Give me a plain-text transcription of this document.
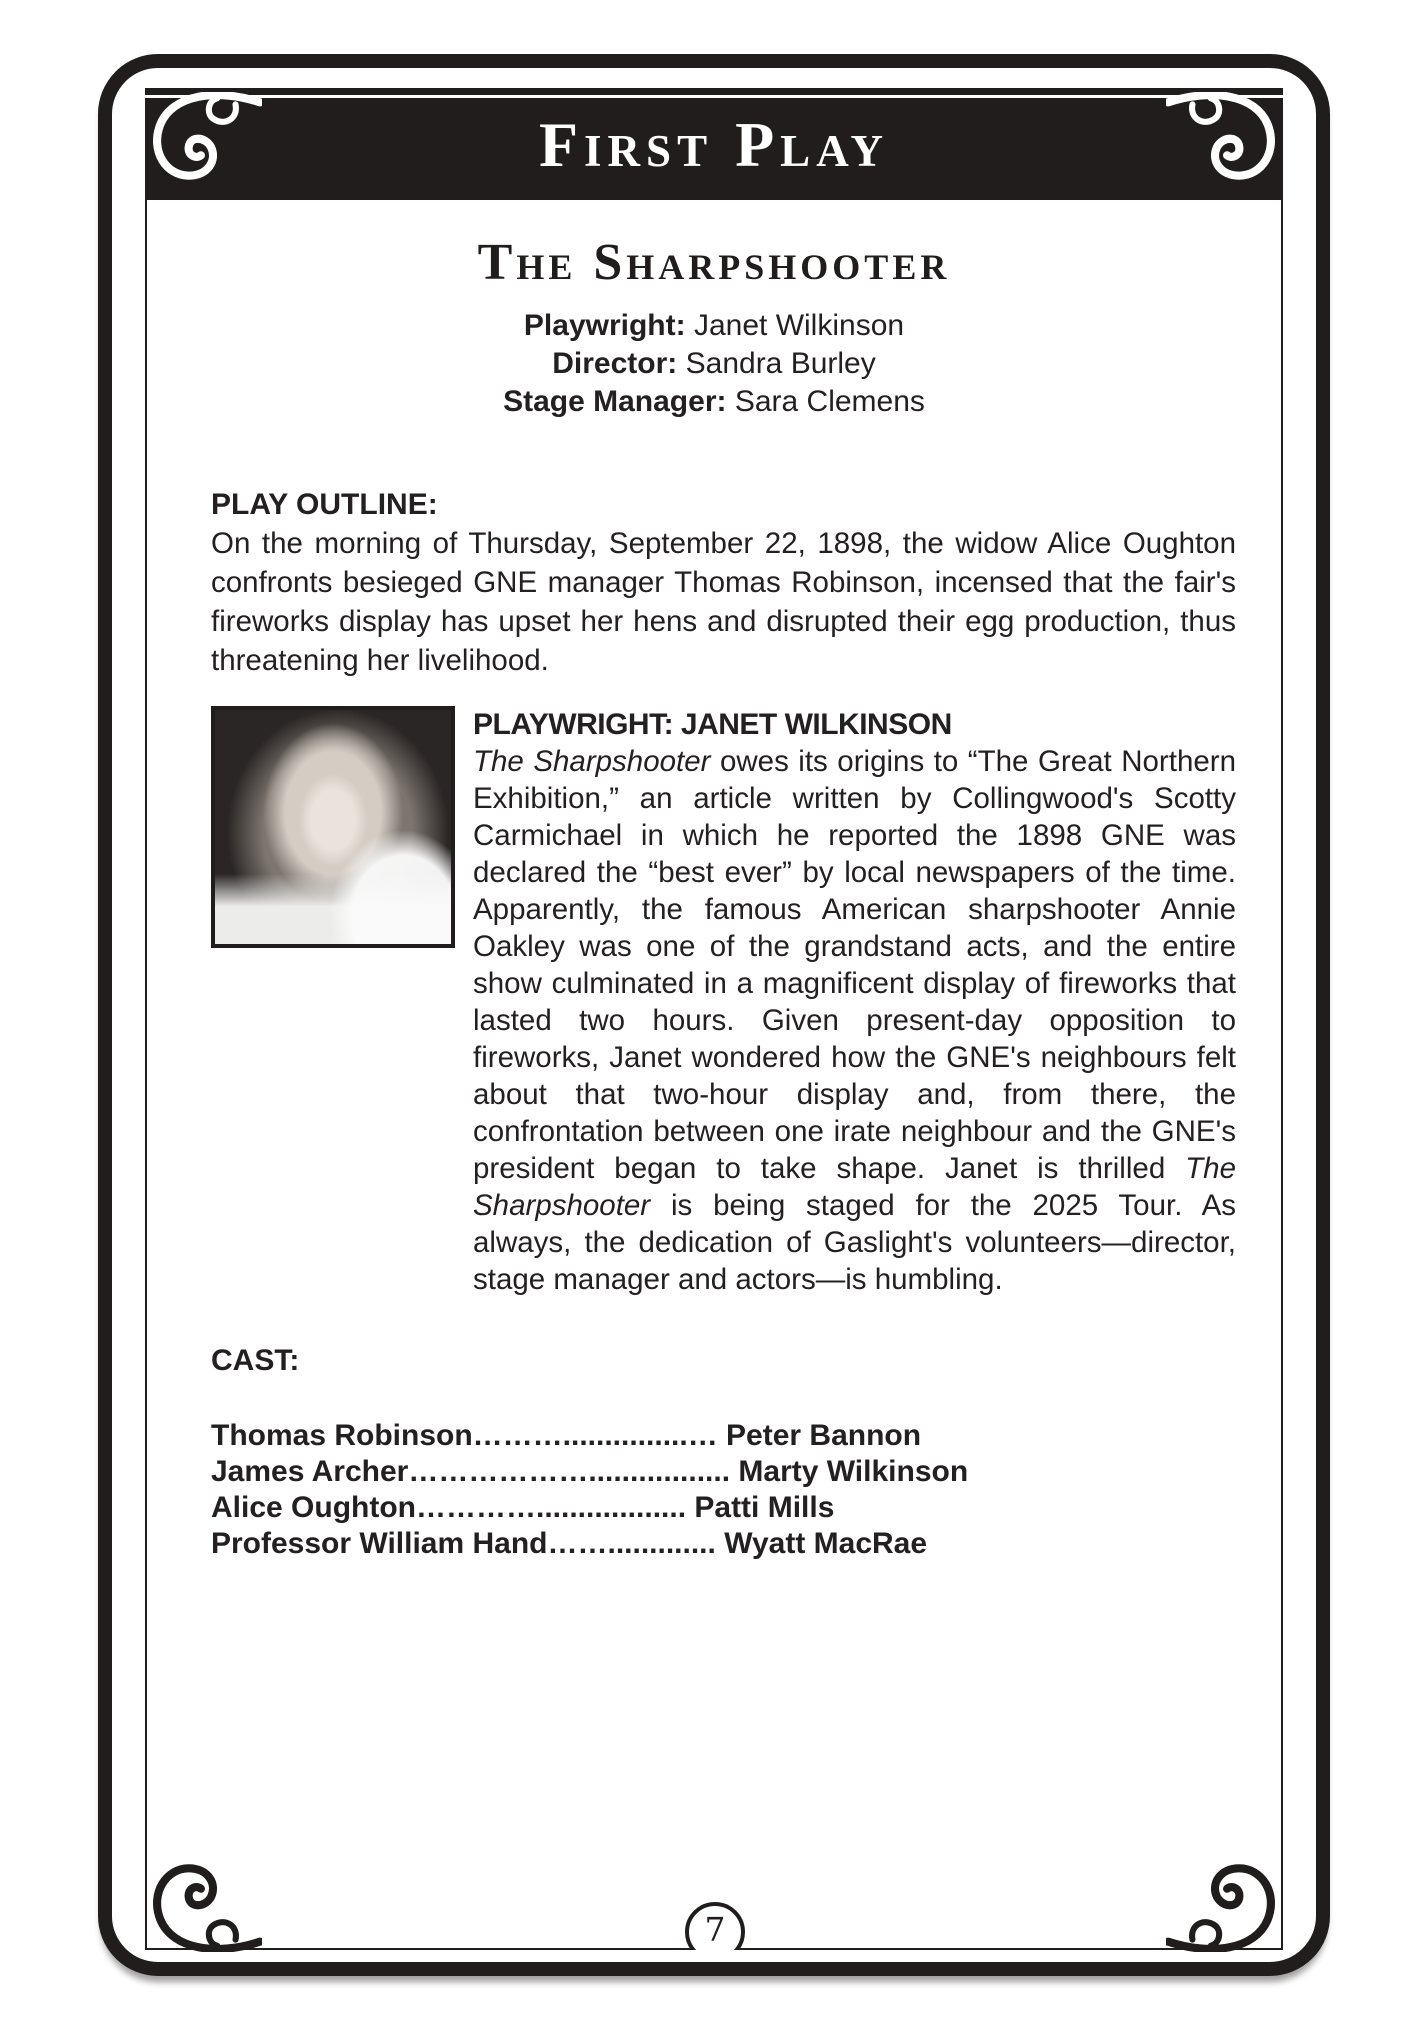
First Play
The Sharpshooter
Playwright: Janet Wilkinson
Director: Sandra Burley
Stage Manager: Sara Clemens
PLAY OUTLINE:

On the morning of Thursday, September 22, 1898, the widow Alice Oughton confronts besieged GNE manager Thomas Robinson, incensed that the fair's fireworks display has upset her hens and disrupted their egg production, thus threatening her livelihood.

PLAYWRIGHT: JANET WILKINSON

The Sharpshooter owes its origins to “The Great Northern Exhibition,” an article written by Collingwood's Scotty Carmichael in which he reported the 1898 GNE was declared the “best ever” by local newspapers of the time. Apparently, the famous American sharpshooter Annie Oakley was one of the grandstand acts, and the entire show culminated in a magnificent display of fireworks that lasted two hours. Given present-day opposition to fireworks, Janet wondered how the GNE's neighbours felt about that two-hour display and, from there, the confrontation between one irate neighbour and the GNE's president began to take shape. Janet is thrilled The Sharpshooter is being staged for the 2025 Tour. As always, the dedication of Gaslight's volunteers—director, stage manager and actors—is humbling.

CAST:
Thomas Robinson………...............… Peter Bannon
James Archer………………................. Marty Wilkinson
Alice Oughton………….................. Patti Mills
Professor William Hand……............. Wyatt MacRae
7
